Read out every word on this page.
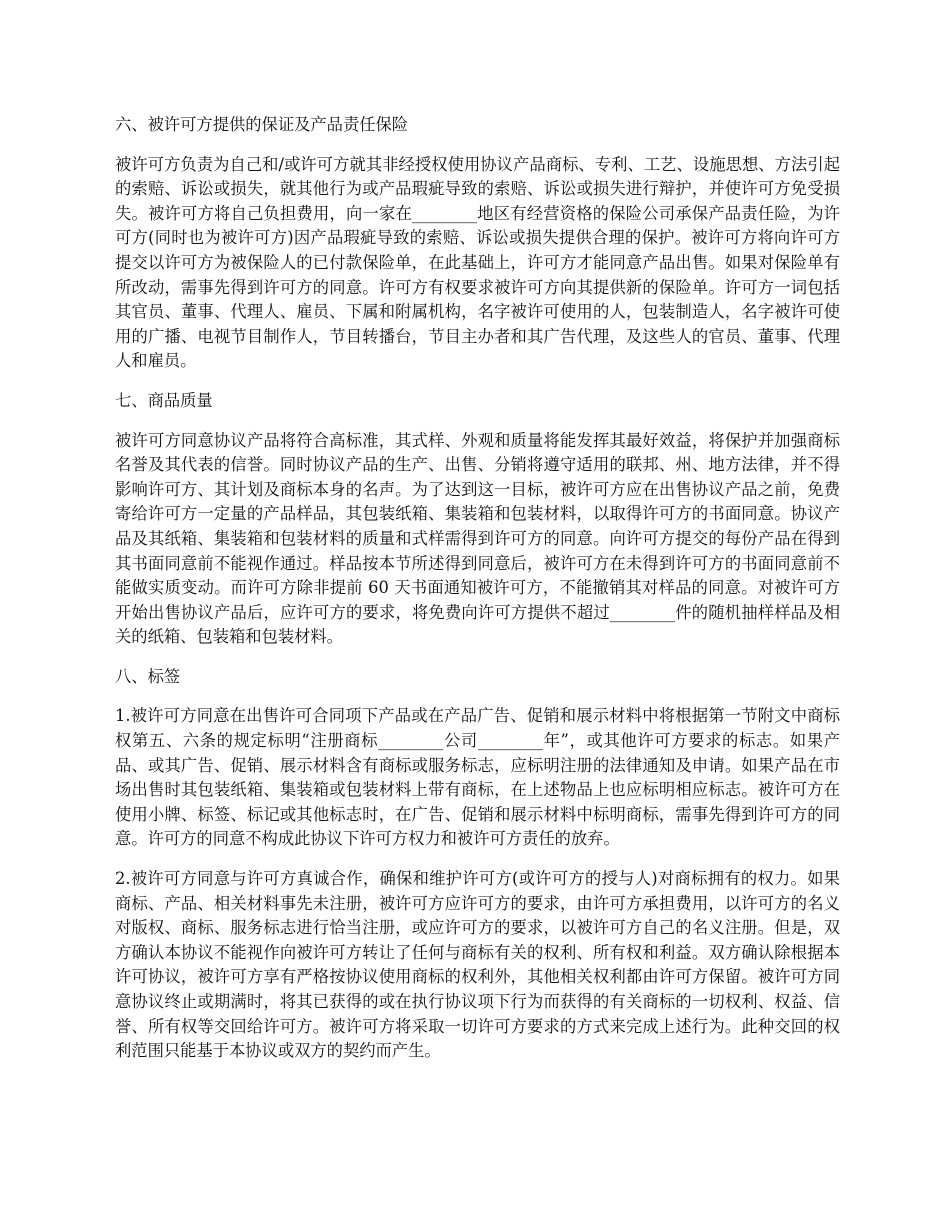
六、被许可方提供的保证及产品责任保险

被许可方负责为自己和/或许可方就其非经授权使用协议产品商标、专利、工艺、设施思想、方法引起的索赔、诉讼或损失，就其他行为或产品瑕疵导致的索赔、诉讼或损失进行辩护，并使许可方免受损失。被许可方将自己负担费用，向一家在________地区有经营资格的保险公司承保产品责任险，为许可方(同时也为被许可方)因产品瑕疵导致的索赔、诉讼或损失提供合理的保护。被许可方将向许可方提交以许可方为被保险人的已付款保险单，在此基础上，许可方才能同意产品出售。如果对保险单有所改动，需事先得到许可方的同意。许可方有权要求被许可方向其提供新的保险单。许可方一词包括其官员、董事、代理人、雇员、下属和附属机构，名字被许可使用的人，包装制造人，名字被许可使用的广播、电视节目制作人，节目转播台，节目主办者和其广告代理，及这些人的官员、董事、代理人和雇员。

七、商品质量

被许可方同意协议产品将符合高标准，其式样、外观和质量将能发挥其最好效益，将保护并加强商标名誉及其代表的信誉。同时协议产品的生产、出售、分销将遵守适用的联邦、州、地方法律，并不得影响许可方、其计划及商标本身的名声。为了达到这一目标，被许可方应在出售协议产品之前，免费寄给许可方一定量的产品样品，其包装纸箱、集装箱和包装材料，以取得许可方的书面同意。协议产品及其纸箱、集装箱和包装材料的质量和式样需得到许可方的同意。向许可方提交的每份产品在得到其书面同意前不能视作通过。样品按本节所述得到同意后，被许可方在未得到许可方的书面同意前不能做实质变动。而许可方除非提前 60 天书面通知被许可方，不能撤销其对样品的同意。对被许可方开始出售协议产品后，应许可方的要求，将免费向许可方提供不超过________件的随机抽样样品及相关的纸箱、包装箱和包装材料。

八、标签

1.被许可方同意在出售许可合同项下产品或在产品广告、促销和展示材料中将根据第一节附文中商标权第五、六条的规定标明“注册商标________公司________年”，或其他许可方要求的标志。如果产品、或其广告、促销、展示材料含有商标或服务标志，应标明注册的法律通知及申请。如果产品在市场出售时其包装纸箱、集装箱或包装材料上带有商标，在上述物品上也应标明相应标志。被许可方在使用小牌、标签、标记或其他标志时，在广告、促销和展示材料中标明商标，需事先得到许可方的同意。许可方的同意不构成此协议下许可方权力和被许可方责任的放弃。

2.被许可方同意与许可方真诚合作，确保和维护许可方(或许可方的授与人)对商标拥有的权力。如果商标、产品、相关材料事先未注册，被许可方应许可方的要求，由许可方承担费用，以许可方的名义对版权、商标、服务标志进行恰当注册，或应许可方的要求，以被许可方自己的名义注册。但是，双方确认本协议不能视作向被许可方转让了任何与商标有关的权利、所有权和利益。双方确认除根据本许可协议，被许可方享有严格按协议使用商标的权利外，其他相关权利都由许可方保留。被许可方同意协议终止或期满时，将其已获得的或在执行协议项下行为而获得的有关商标的一切权利、权益、信誉、所有权等交回给许可方。被许可方将采取一切许可方要求的方式来完成上述行为。此种交回的权利范围只能基于本协议或双方的契约而产生。
